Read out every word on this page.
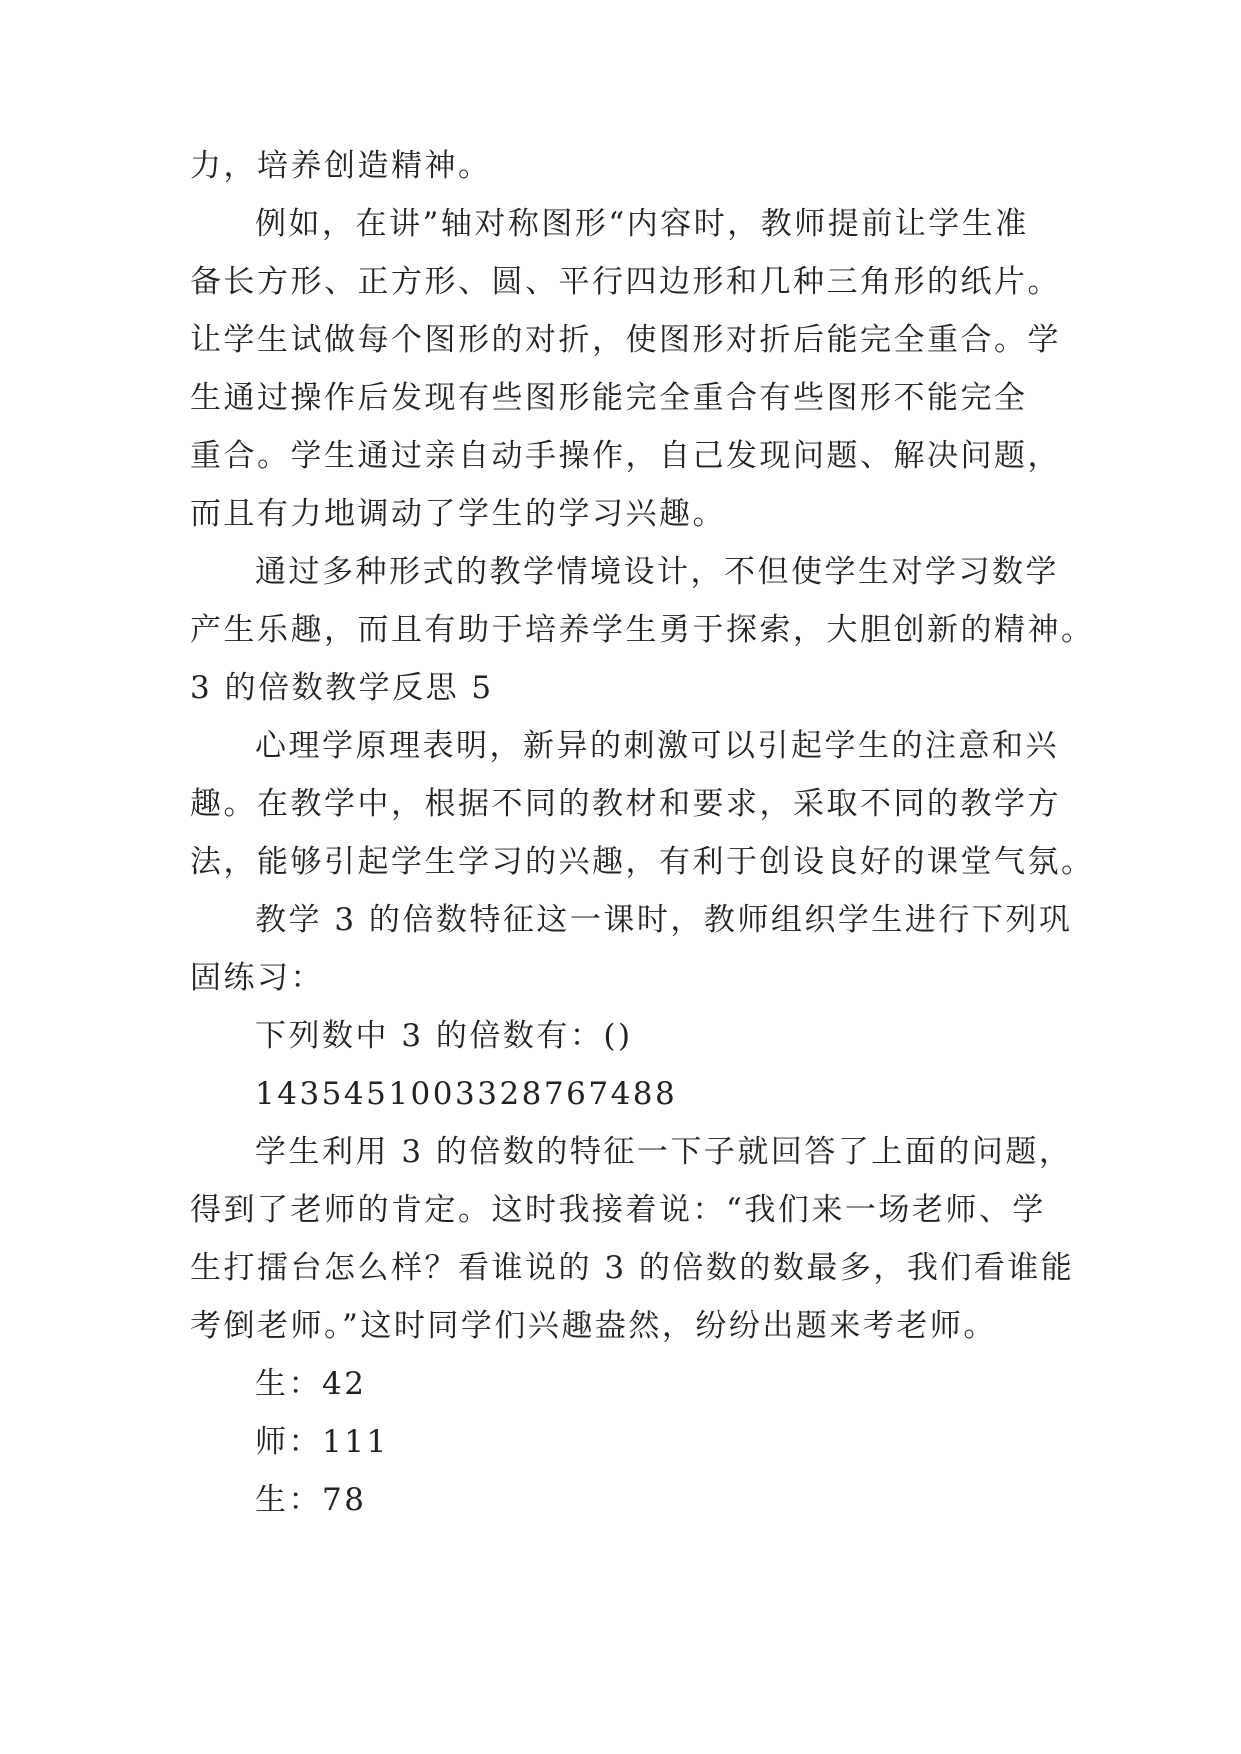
力，培养创造精神。
例如，在讲”轴对称图形“内容时，教师提前让学生准
备长方形、正方形、圆、平行四边形和几种三角形的纸片。
让学生试做每个图形的对折，使图形对折后能完全重合。学
生通过操作后发现有些图形能完全重合有些图形不能完全
重合。学生通过亲自动手操作，自己发现问题、解决问题，
而且有力地调动了学生的学习兴趣。
通过多种形式的教学情境设计，不但使学生对学习数学
产生乐趣，而且有助于培养学生勇于探索，大胆创新的精神。
3 的倍数教学反思 5
心理学原理表明，新异的刺激可以引起学生的注意和兴
趣。在教学中，根据不同的教材和要求，采取不同的教学方
法，能够引起学生学习的兴趣，有利于创设良好的课堂气氛。
教学 3 的倍数特征这一课时，教师组织学生进行下列巩
固练习：
下列数中 3 的倍数有：()
1435451003328767488
学生利用 3 的倍数的特征一下子就回答了上面的问题，
得到了老师的肯定。这时我接着说：“我们来一场老师、学
生打擂台怎么样？看谁说的 3 的倍数的数最多，我们看谁能
考倒老师。”这时同学们兴趣盎然，纷纷出题来考老师。
生：42
师：111
生：78
